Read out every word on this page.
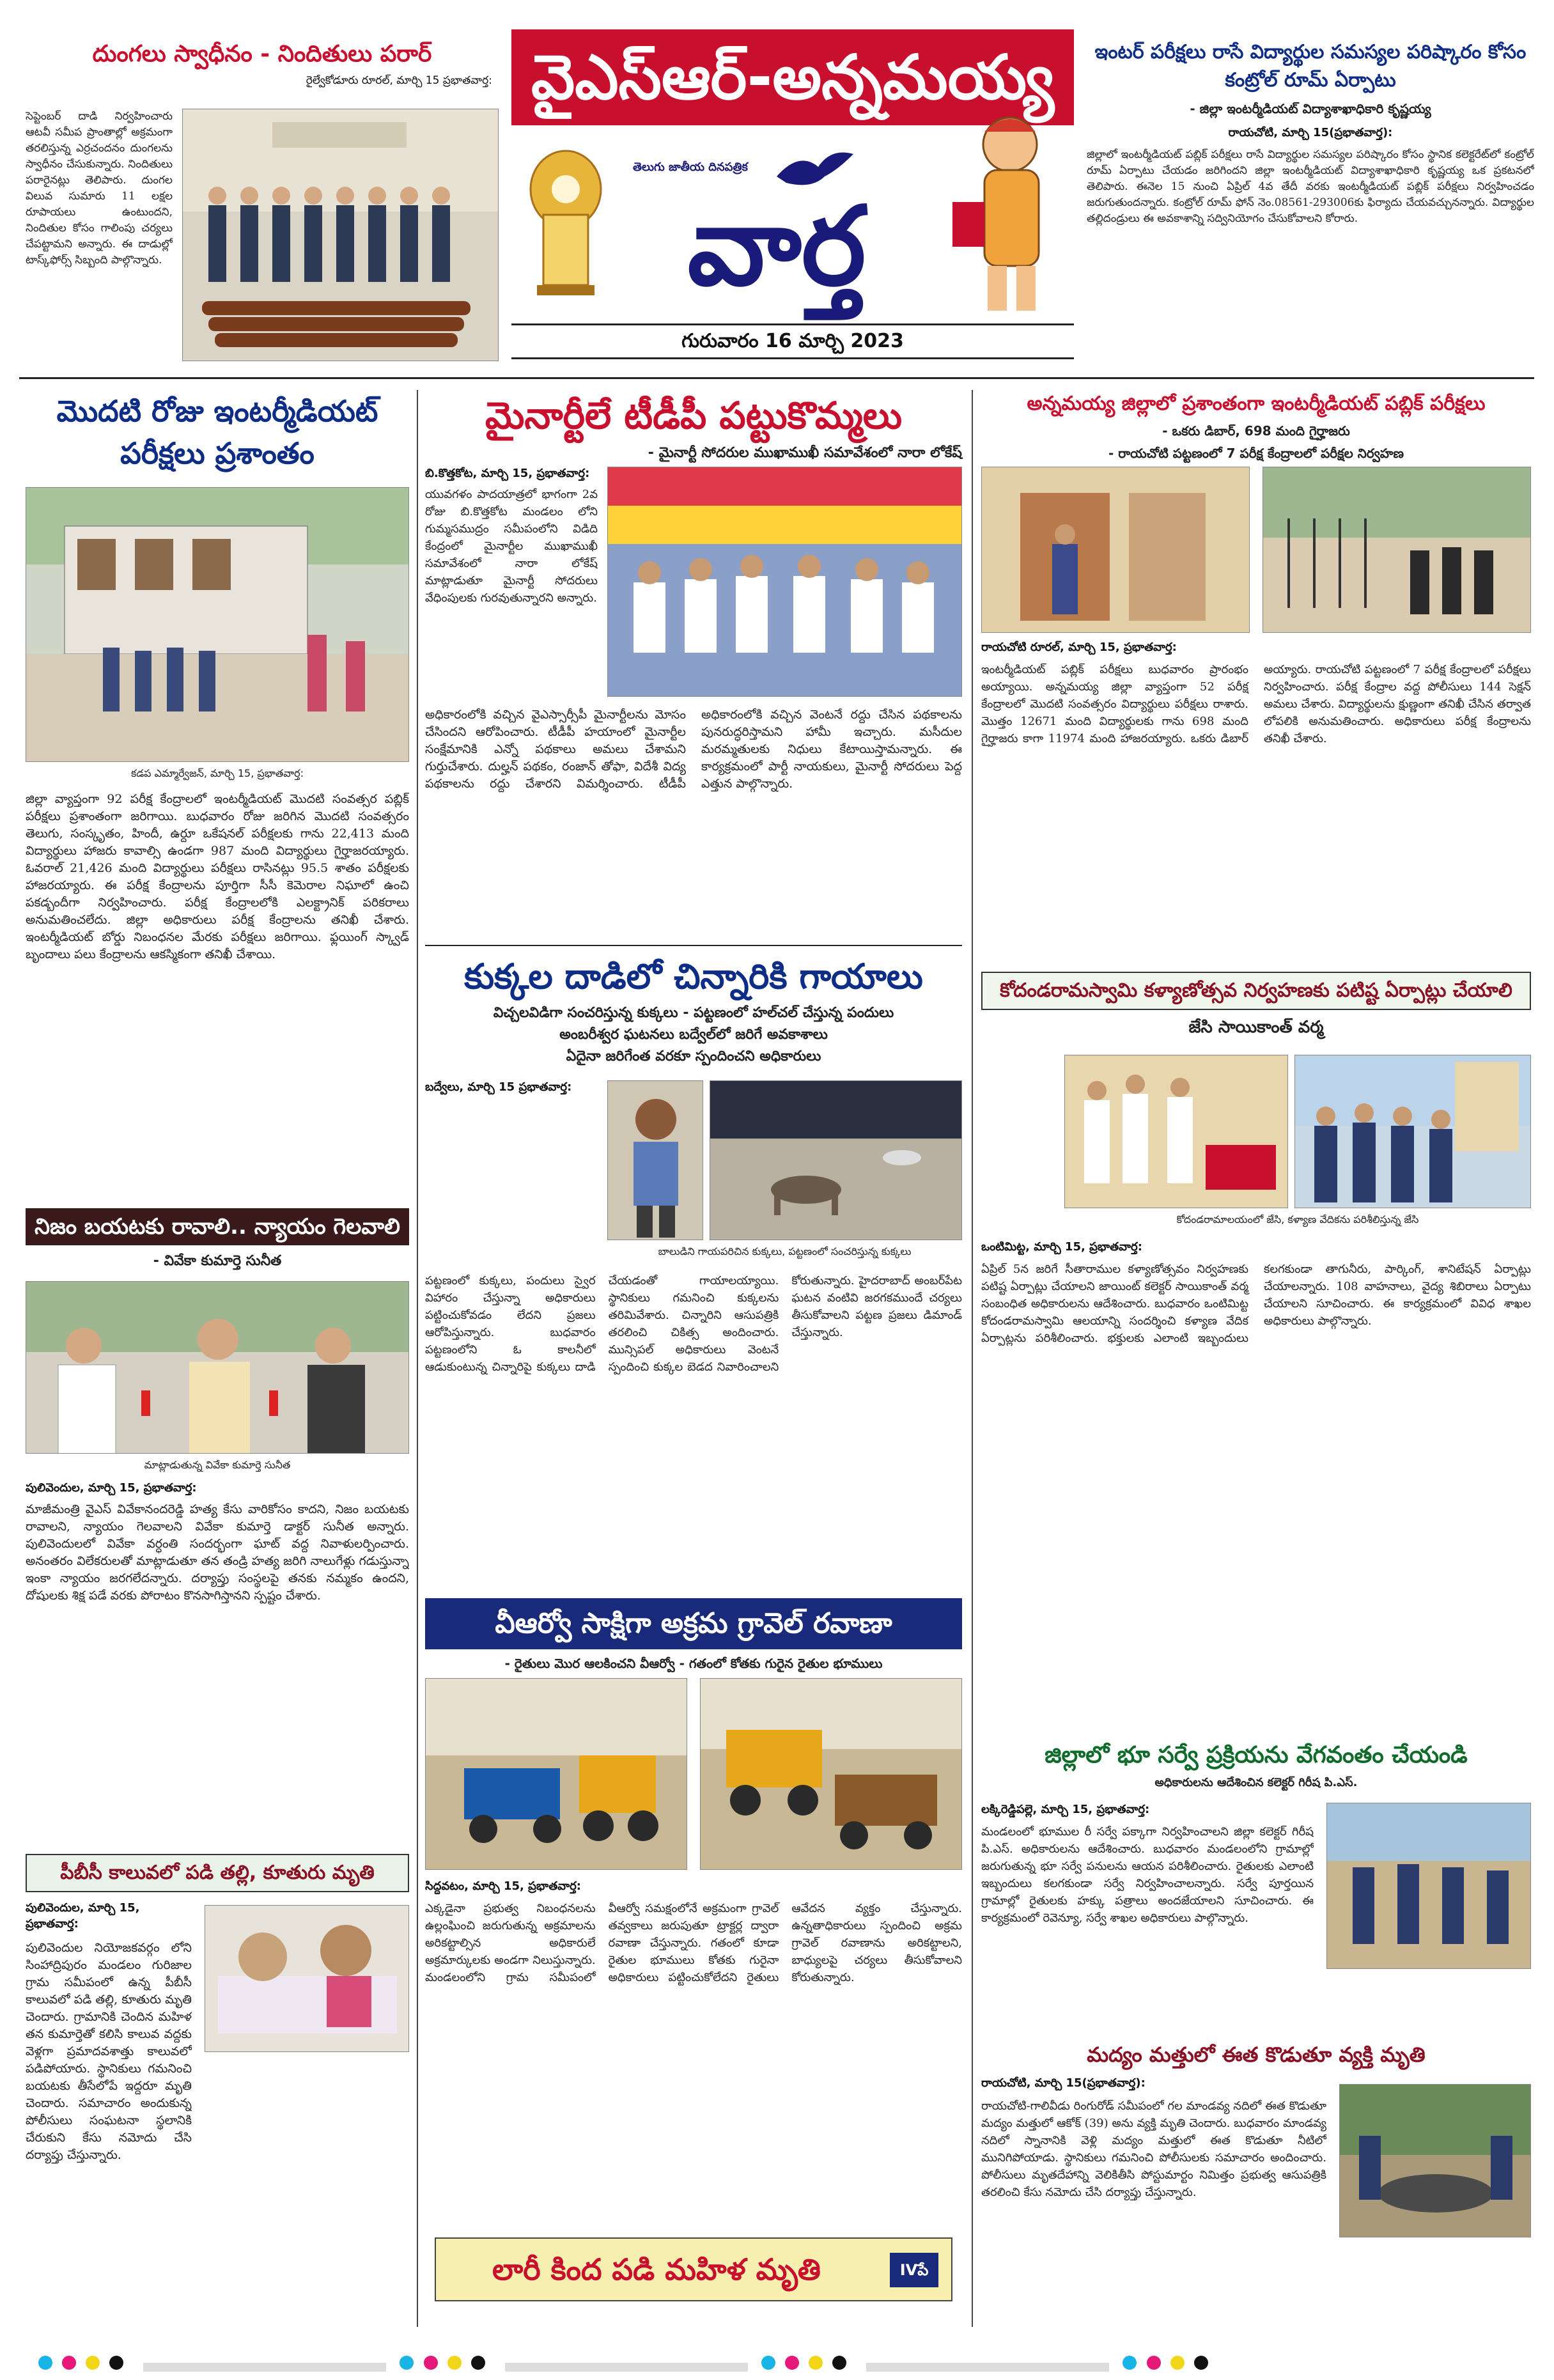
వైఎస్ఆర్-అన్నమయ్య
వార్త
తెలుగు జాతీయ దినపత్రిక
గురువారం 16 మార్చి 2023
దుంగలు స్వాధీనం - నిందితులు పరార్
రైల్వేకోడూరు రూరల్, మార్చి 15 ప్రభాతవార్త:
సెప్టెంబర్ దాడి నిర్వహించారు ఆటవీ సమీప ప్రాంతాల్లో అక్రమంగా తరలిస్తున్న ఎర్రచందనం దుంగలను స్వాధీనం చేసుకున్నారు. నిందితులు పరారైనట్లు తెలిపారు. దుంగల విలువ సుమారు 11 లక్షల రూపాయలు ఉంటుందని, నిందితుల కోసం గాలింపు చర్యలు చేపట్టామని అన్నారు. ఈ దాడుల్లో టాస్క్‌ఫోర్స్ సిబ్బంది పాల్గొన్నారు.
ఇంటర్ పరీక్షలు రాసే విద్యార్థుల సమస్యల పరిష్కారం కోసం కంట్రోల్ రూమ్ ఏర్పాటు
- జిల్లా ఇంటర్మీడియట్ విద్యాశాఖాధికారి కృష్ణయ్య
రాయచోటి, మార్చి 15(ప్రభాతవార్త):
జిల్లాలో ఇంటర్మీడియట్ పబ్లిక్ పరీక్షలు రాసే విద్యార్థుల సమస్యల పరిష్కారం కోసం స్థానిక కలెక్టరేట్‌లో కంట్రోల్ రూమ్ ఏర్పాటు చేయడం జరిగిందని జిల్లా ఇంటర్మీడియట్ విద్యాశాఖాధికారి కృష్ణయ్య ఒక ప్రకటనలో తెలిపారు. ఈనెల 15 నుంచి ఏప్రిల్ 4వ తేదీ వరకు ఇంటర్మీడియట్ పబ్లిక్ పరీక్షలు నిర్వహించడం జరుగుతుందన్నారు. కంట్రోల్ రూమ్ ఫోన్ నెం.08561-293006కు ఫిర్యాదు చేయవచ్చునన్నారు. విద్యార్థుల తల్లిదండ్రులు ఈ అవకాశాన్ని సద్వినియోగం చేసుకోవాలని కోరారు.
మొదటి రోజు ఇంటర్మీడియట్ పరీక్షలు ప్రశాంతం
కడప ఎమ్మార్వేజన్, మార్చి 15, ప్రభాతవార్త:
జిల్లా వ్యాప్తంగా 92 పరీక్ష కేంద్రాలలో ఇంటర్మీడియట్ మొదటి సంవత్సర పబ్లిక్ పరీక్షలు ప్రశాంతంగా జరిగాయి. బుధవారం రోజు జరిగిన మొదటి సంవత్సరం తెలుగు, సంస్కృతం, హిందీ, ఉర్దూ ఒకేషనల్ పరీక్షలకు గాను 22,413 మంది విద్యార్థులు హాజరు కావాల్సి ఉండగా 987 మంది విద్యార్థులు గైర్హాజరయ్యారు. ఓవరాల్ 21,426 మంది విద్యార్థులు పరీక్షలు రాసినట్లు 95.5 శాతం పరీక్షలకు హాజరయ్యారు. ఈ పరీక్ష కేంద్రాలను పూర్తిగా సీసీ కెమెరాల నిఘాలో ఉంచి పకడ్బందీగా నిర్వహించారు. పరీక్ష కేంద్రాలలోకి ఎలక్ట్రానిక్ పరికరాలు అనుమతించలేదు. జిల్లా అధికారులు పరీక్ష కేంద్రాలను తనిఖీ చేశారు. ఇంటర్మీడియట్ బోర్డు నిబంధనల మేరకు పరీక్షలు జరిగాయి. ఫ్లయింగ్ స్క్వాడ్ బృందాలు పలు కేంద్రాలను ఆకస్మికంగా తనిఖీ చేశాయి.
నిజం బయటకు రావాలి.. న్యాయం గెలవాలి
- వివేకా కుమార్తె సునీత
మాట్లాడుతున్న వివేకా కుమార్తె సునీత
పులివెందుల, మార్చి 15, ప్రభాతవార్త:
మాజీమంత్రి వైఎస్ వివేకానందరెడ్డి హత్య కేసు వారికోసం కాదని, నిజం బయటకు రావాలని, న్యాయం గెలవాలని వివేకా కుమార్తె డాక్టర్ సునీత అన్నారు. పులివెందులలో వివేకా వర్ధంతి సందర్భంగా ఘాట్ వద్ద నివాళులర్పించారు. అనంతరం విలేకరులతో మాట్లాడుతూ తన తండ్రి హత్య జరిగి నాలుగేళ్లు గడుస్తున్నా ఇంకా న్యాయం జరగలేదన్నారు. దర్యాప్తు సంస్థలపై తనకు నమ్మకం ఉందని, దోషులకు శిక్ష పడే వరకు పోరాటం కొనసాగిస్తానని స్పష్టం చేశారు.
పీబీసీ కాలువలో పడి తల్లి, కూతురు మృతి
పులివెందుల, మార్చి 15, ప్రభాతవార్త:
పులివెందుల నియోజకవర్గం లోని సింహాద్రిపురం మండలం గురిజాల గ్రామ సమీపంలో ఉన్న పీబీసీ కాలువలో పడి తల్లి, కూతురు మృతి చెందారు. గ్రామానికి చెందిన మహిళ తన కుమార్తెతో కలిసి కాలువ వద్దకు వెళ్లగా ప్రమాదవశాత్తు కాలువలో పడిపోయారు. స్థానికులు గమనించి బయటకు తీసేలోపే ఇద్దరూ మృతి చెందారు. సమాచారం అందుకున్న పోలీసులు సంఘటనా స్థలానికి చేరుకుని కేసు నమోదు చేసి దర్యాప్తు చేస్తున్నారు.
మైనార్టీలే టీడీపీ పట్టుకొమ్మలు
- మైనార్టీ సోదరుల ముఖాముఖీ సమావేశంలో నారా లోకేష్
బి.కొత్తకోట, మార్చి 15, ప్రభాతవార్త:
యువగళం పాదయాత్రలో భాగంగా 2వ రోజు బి.కొత్తకోట మండలం లోని గుమ్మసముద్రం సమీపంలోని విడిది కేంద్రంలో మైనార్టీల ముఖాముఖీ సమావేశంలో నారా లోకేష్ మాట్లాడుతూ మైనార్టీ సోదరులు వేధింపులకు గురవుతున్నారని అన్నారు.
అధికారంలోకి వచ్చిన వైఎస్సార్సీపీ మైనార్టీలను మోసం చేసిందని ఆరోపించారు. టీడీపీ హయాంలో మైనార్టీల సంక్షేమానికి ఎన్నో పథకాలు అమలు చేశామని గుర్తుచేశారు. దుల్హన్ పథకం, రంజాన్ తోఫా, విదేశీ విద్య పథకాలను రద్దు చేశారని విమర్శించారు. టీడీపీ అధికారంలోకి వచ్చిన వెంటనే రద్దు చేసిన పథకాలను పునరుద్ధరిస్తామని హామీ ఇచ్చారు. మసీదుల మరమ్మతులకు నిధులు కేటాయిస్తామన్నారు. ఈ కార్యక్రమంలో పార్టీ నాయకులు, మైనార్టీ సోదరులు పెద్ద ఎత్తున పాల్గొన్నారు.
కుక్కల దాడిలో చిన్నారికి గాయాలు
విచ్చలవిడిగా సంచరిస్తున్న కుక్కలు - పట్టణంలో హల్‌చల్ చేస్తున్న పందులు
అంబరీశ్వర ఘటనలు బద్వేల్‌లో జరిగే అవకాశాలు
ఏదైనా జరిగేంత వరకూ స్పందించని అధికారులు
బద్వేలు, మార్చి 15 ప్రభాతవార్త:
బాలుడిని గాయపరిచిన కుక్కలు, పట్టణంలో సంచరిస్తున్న కుక్కలు
పట్టణంలో కుక్కలు, పందులు స్వైర విహారం చేస్తున్నా అధికారులు పట్టించుకోవడం లేదని ప్రజలు ఆరోపిస్తున్నారు. బుధవారం పట్టణంలోని ఓ కాలనీలో ఆడుకుంటున్న చిన్నారిపై కుక్కలు దాడి చేయడంతో గాయాలయ్యాయి. స్థానికులు గమనించి కుక్కలను తరిమివేశారు. చిన్నారిని ఆసుపత్రికి తరలించి చికిత్స అందించారు. మున్సిపల్ అధికారులు వెంటనే స్పందించి కుక్కల బెడద నివారించాలని కోరుతున్నారు. హైదరాబాద్ అంబర్‌పేట ఘటన వంటివి జరగకముందే చర్యలు తీసుకోవాలని పట్టణ ప్రజలు డిమాండ్ చేస్తున్నారు.
వీఆర్వో సాక్షిగా అక్రమ గ్రావెల్ రవాణా
- రైతులు మొర ఆలకించని వీఆర్వో - గతంలో కోతకు గురైన రైతుల భూములు
సిద్దవటం, మార్చి 15, ప్రభాతవార్త:
ఎక్కడైనా ప్రభుత్వ నిబంధనలను ఉల్లంఘించి జరుగుతున్న అక్రమాలను అరికట్టాల్సిన అధికారులే అక్రమార్కులకు అండగా నిలుస్తున్నారు. మండలంలోని గ్రామ సమీపంలో వీఆర్వో సమక్షంలోనే అక్రమంగా గ్రావెల్ తవ్వకాలు జరుపుతూ ట్రాక్టర్ల ద్వారా రవాణా చేస్తున్నారు. గతంలో కూడా రైతుల భూములు కోతకు గురైనా అధికారులు పట్టించుకోలేదని రైతులు ఆవేదన వ్యక్తం చేస్తున్నారు. ఉన్నతాధికారులు స్పందించి అక్రమ గ్రావెల్ రవాణాను అరికట్టాలని, బాధ్యులపై చర్యలు తీసుకోవాలని కోరుతున్నారు.
లారీ కింద పడి మహిళ మృతి	IVపే
అన్నమయ్య జిల్లాలో ప్రశాంతంగా ఇంటర్మీడియట్ పబ్లిక్ పరీక్షలు
- ఒకరు డిబార్, 698 మంది గైర్హాజరు
- రాయచోటి పట్టణంలో 7 పరీక్ష కేంద్రాలలో పరీక్షల నిర్వహణ
రాయచోటి రూరల్, మార్చి 15, ప్రభాతవార్త:
ఇంటర్మీడియట్ పబ్లిక్ పరీక్షలు బుధవారం ప్రారంభం అయ్యాయి. అన్నమయ్య జిల్లా వ్యాప్తంగా 52 పరీక్ష కేంద్రాలలో మొదటి సంవత్సరం విద్యార్థులు పరీక్షలు రాశారు. మొత్తం 12671 మంది విద్యార్థులకు గాను 698 మంది గైర్హాజరు కాగా 11974 మంది హాజరయ్యారు. ఒకరు డిబార్ అయ్యారు. రాయచోటి పట్టణంలో 7 పరీక్ష కేంద్రాలలో పరీక్షలు నిర్వహించారు. పరీక్ష కేంద్రాల వద్ద పోలీసులు 144 సెక్షన్ అమలు చేశారు. విద్యార్థులను క్షుణ్ణంగా తనిఖీ చేసిన తర్వాత లోపలికి అనుమతించారు. అధికారులు పరీక్ష కేంద్రాలను తనిఖీ చేశారు.
కోదండరామస్వామి కళ్యాణోత్సవ నిర్వహణకు పటిష్ట ఏర్పాట్లు చేయాలి
జేసి సాయికాంత్ వర్మ
కోదండరామాలయంలో జేసి, కళ్యాణ వేదికను పరిశీలిస్తున్న జేసి
ఒంటిమిట్ట, మార్చి 15, ప్రభాతవార్త:
ఏప్రిల్ 5న జరిగే సీతారాముల కళ్యాణోత్సవం నిర్వహణకు పటిష్ట ఏర్పాట్లు చేయాలని జాయింట్ కలెక్టర్ సాయికాంత్ వర్మ సంబంధిత అధికారులను ఆదేశించారు. బుధవారం ఒంటిమిట్ట కోదండరామస్వామి ఆలయాన్ని సందర్శించి కళ్యాణ వేదిక ఏర్పాట్లను పరిశీలించారు. భక్తులకు ఎలాంటి ఇబ్బందులు కలగకుండా తాగునీరు, పార్కింగ్, శానిటేషన్ ఏర్పాట్లు చేయాలన్నారు. 108 వాహనాలు, వైద్య శిబిరాలు ఏర్పాటు చేయాలని సూచించారు. ఈ కార్యక్రమంలో వివిధ శాఖల అధికారులు పాల్గొన్నారు.
జిల్లాలో భూ సర్వే ప్రక్రియను వేగవంతం చేయండి
అధికారులను ఆదేశించిన కలెక్టర్ గిరీష పి.ఎస్.
లక్కిరెడ్డిపల్లె, మార్చి 15, ప్రభాతవార్త:
మండలంలో భూముల రీ సర్వే పక్కాగా నిర్వహించాలని జిల్లా కలెక్టర్ గిరీష పి.ఎస్. అధికారులను ఆదేశించారు. బుధవారం మండలంలోని గ్రామాల్లో జరుగుతున్న భూ సర్వే పనులను ఆయన పరిశీలించారు. రైతులకు ఎలాంటి ఇబ్బందులు కలగకుండా సర్వే నిర్వహించాలన్నారు. సర్వే పూర్తయిన గ్రామాల్లో రైతులకు హక్కు పత్రాలు అందజేయాలని సూచించారు. ఈ కార్యక్రమంలో రెవెన్యూ, సర్వే శాఖల అధికారులు పాల్గొన్నారు.
మద్యం మత్తులో ఈత కొడుతూ వ్యక్తి మృతి
రాయచోటి, మార్చి 15(ప్రభాతవార్త):
రాయచోటి-గాలివీడు రింగురోడ్ సమీపంలో గల మాండవ్య నదిలో ఈత కొడుతూ మద్యం మత్తులో ఆకోక్ (39) అను వ్యక్తి మృతి చెందారు. బుధవారం మాండవ్య నదిలో స్నానానికి వెళ్లి మద్యం మత్తులో ఈత కొడుతూ నీటిలో మునిగిపోయాడు. స్థానికులు గమనించి పోలీసులకు సమాచారం అందించారు. పోలీసులు మృతదేహాన్ని వెలికితీసి పోస్టుమార్టం నిమిత్తం ప్రభుత్వ ఆసుపత్రికి తరలించి కేసు నమోదు చేసి దర్యాప్తు చేస్తున్నారు.
